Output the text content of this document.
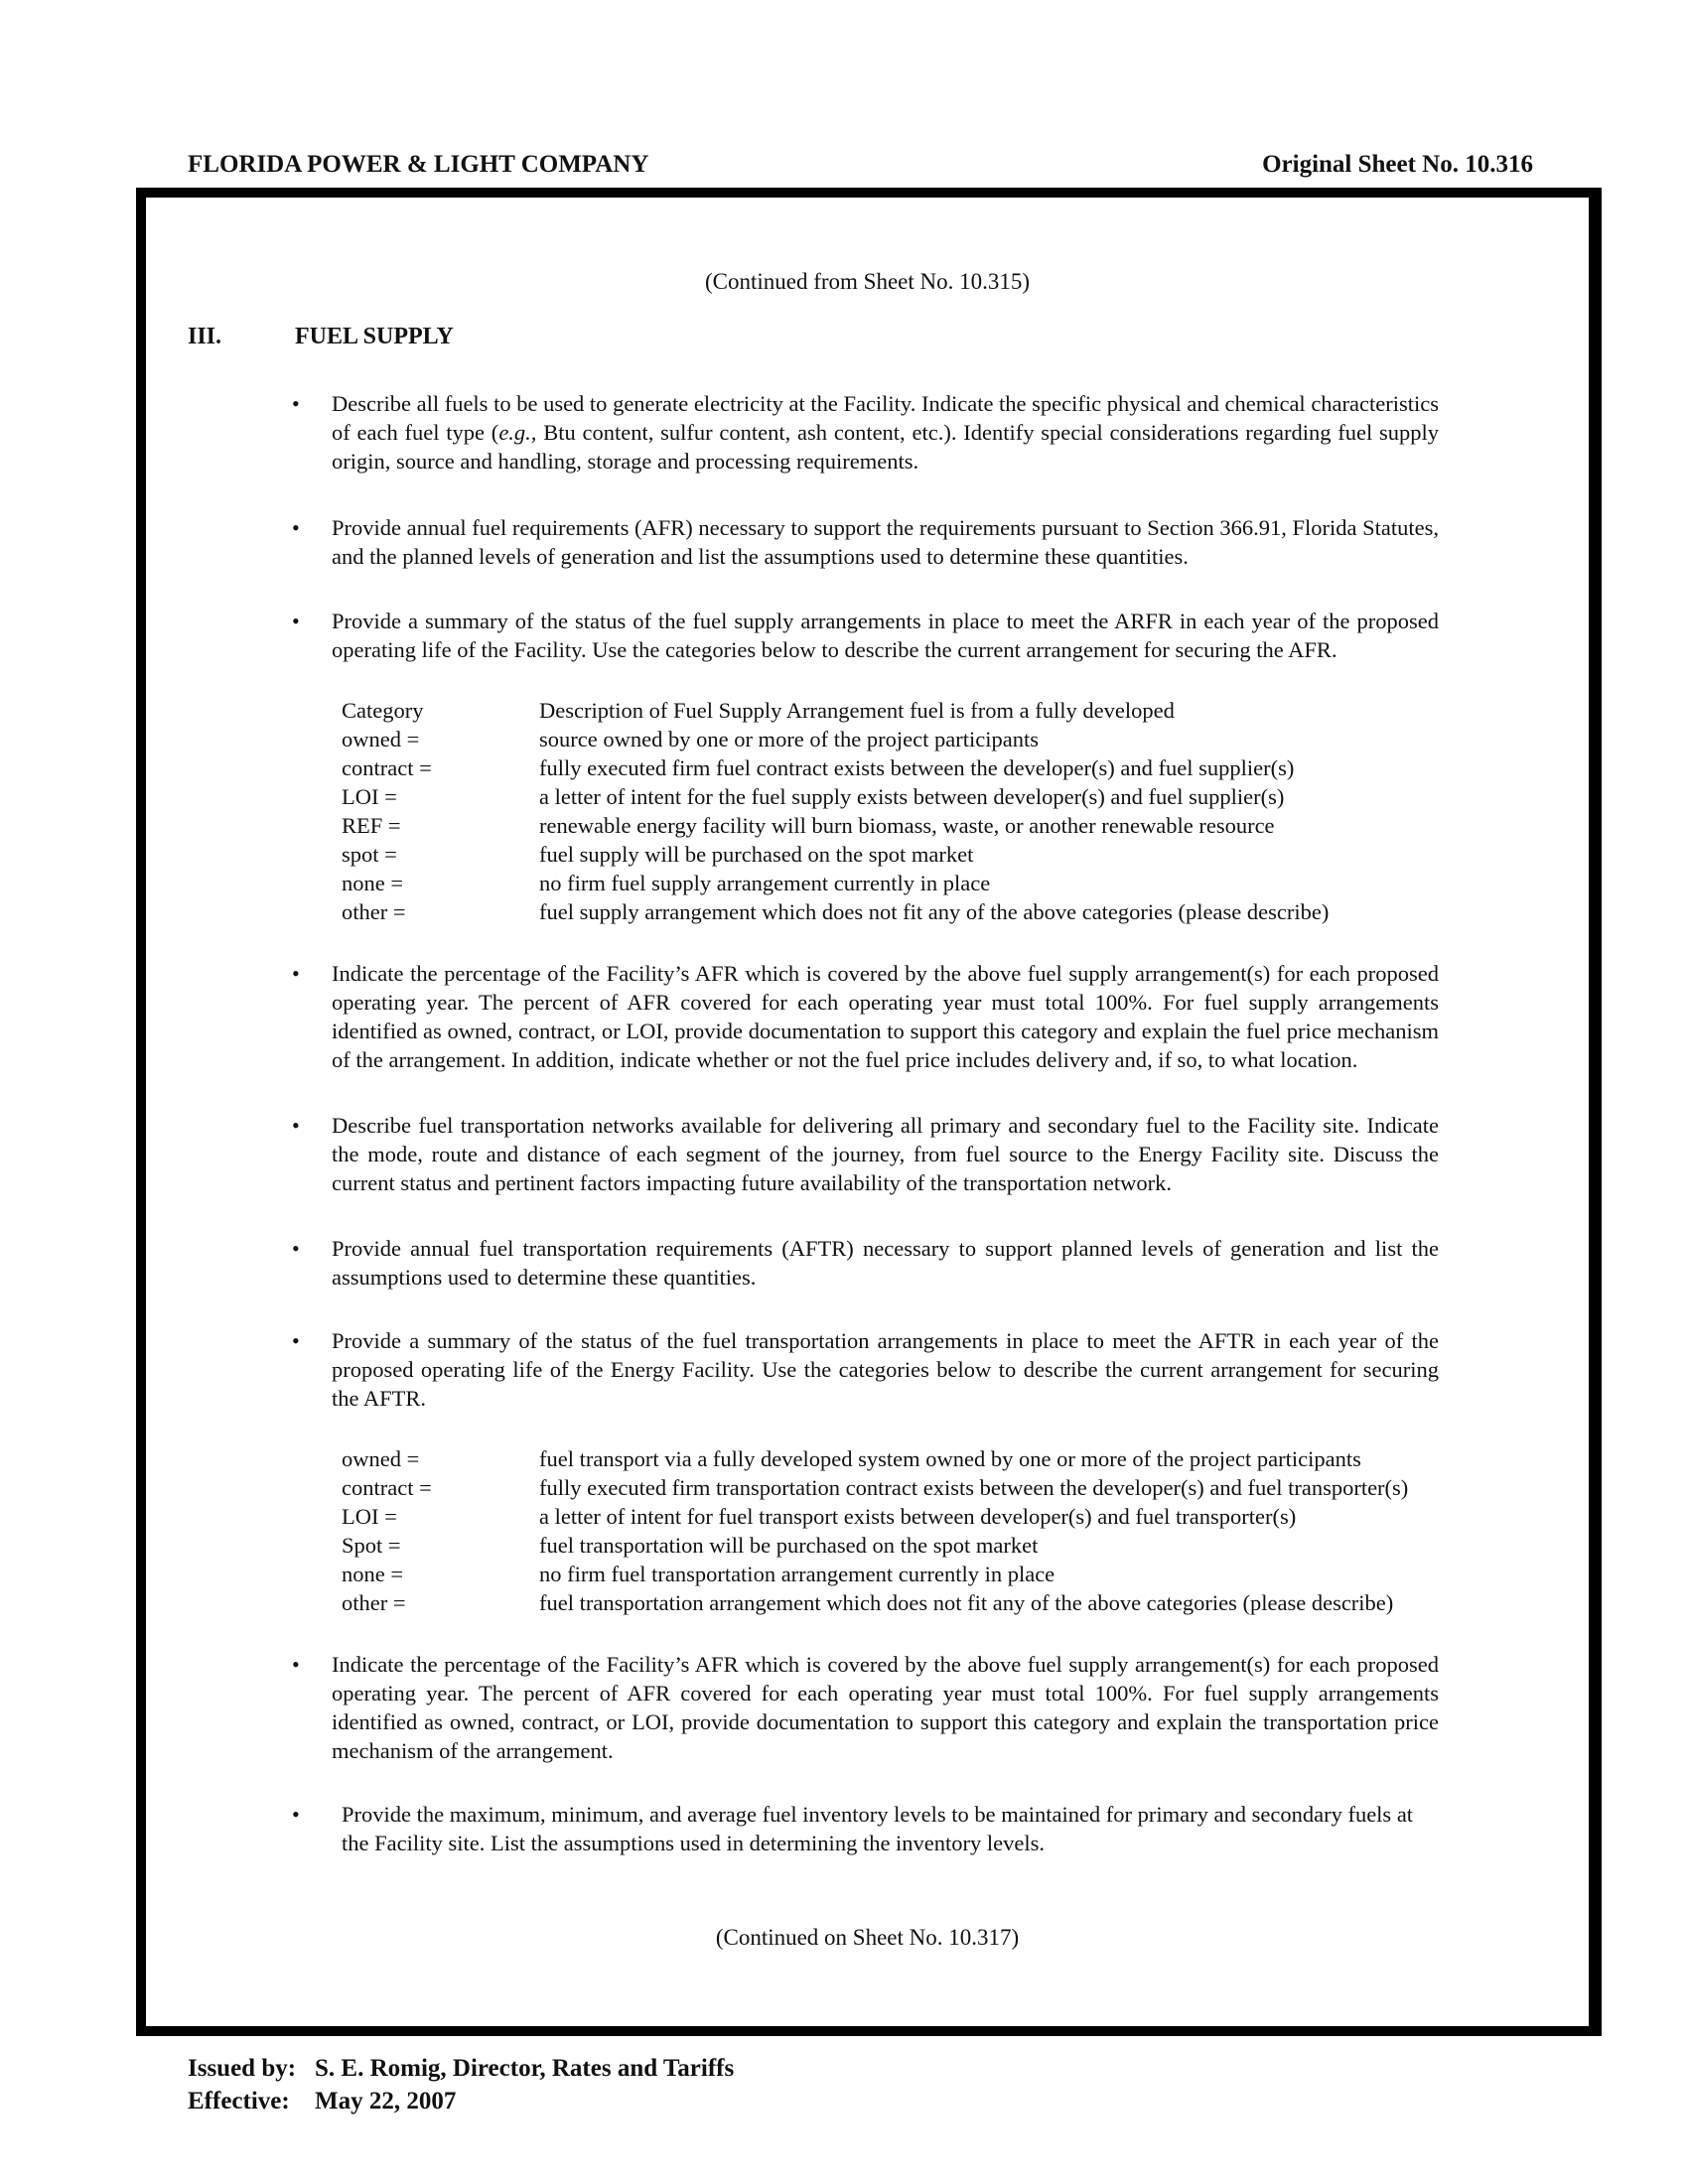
FLORIDA POWER & LIGHT COMPANY	Original Sheet No. 10.316
(Continued from Sheet No. 10.315)
III.	FUEL SUPPLY
• Describe all fuels to be used to generate electricity at the Facility. Indicate the specific physical and chemical characteristics of each fuel type (e.g., Btu content, sulfur content, ash content, etc.). Identify special considerations regarding fuel supply origin, source and handling, storage and processing requirements.
• Provide annual fuel requirements (AFR) necessary to support the requirements pursuant to Section 366.91, Florida Statutes, and the planned levels of generation and list the assumptions used to determine these quantities.
• Provide a summary of the status of the fuel supply arrangements in place to meet the ARFR in each year of the proposed operating life of the Facility. Use the categories below to describe the current arrangement for securing the AFR.
Category	Description of Fuel Supply Arrangement fuel is from a fully developed
owned =	source owned by one or more of the project participants
contract =	fully executed firm fuel contract exists between the developer(s) and fuel supplier(s)
LOI =	a letter of intent for the fuel supply exists between developer(s) and fuel supplier(s)
REF =	renewable energy facility will burn biomass, waste, or another renewable resource
spot =	fuel supply will be purchased on the spot market
none =	no firm fuel supply arrangement currently in place
other =	fuel supply arrangement which does not fit any of the above categories (please describe)
• Indicate the percentage of the Facility’s AFR which is covered by the above fuel supply arrangement(s) for each proposed operating year. The percent of AFR covered for each operating year must total 100%. For fuel supply arrangements identified as owned, contract, or LOI, provide documentation to support this category and explain the fuel price mechanism of the arrangement. In addition, indicate whether or not the fuel price includes delivery and, if so, to what location.
• Describe fuel transportation networks available for delivering all primary and secondary fuel to the Facility site. Indicate the mode, route and distance of each segment of the journey, from fuel source to the Energy Facility site. Discuss the current status and pertinent factors impacting future availability of the transportation network.
• Provide annual fuel transportation requirements (AFTR) necessary to support planned levels of generation and list the assumptions used to determine these quantities.
• Provide a summary of the status of the fuel transportation arrangements in place to meet the AFTR in each year of the proposed operating life of the Energy Facility. Use the categories below to describe the current arrangement for securing the AFTR.
owned =	fuel transport via a fully developed system owned by one or more of the project participants
contract =	fully executed firm transportation contract exists between the developer(s) and fuel transporter(s)
LOI =	a letter of intent for fuel transport exists between developer(s) and fuel transporter(s)
Spot =	fuel transportation will be purchased on the spot market
none =	no firm fuel transportation arrangement currently in place
other =	fuel transportation arrangement which does not fit any of the above categories (please describe)
• Indicate the percentage of the Facility’s AFR which is covered by the above fuel supply arrangement(s) for each proposed operating year. The percent of AFR covered for each operating year must total 100%. For fuel supply arrangements identified as owned, contract, or LOI, provide documentation to support this category and explain the transportation price mechanism of the arrangement.
• Provide the maximum, minimum, and average fuel inventory levels to be maintained for primary and secondary fuels at the Facility site. List the assumptions used in determining the inventory levels.
(Continued on Sheet No. 10.317)
Issued by: S. E. Romig, Director, Rates and Tariffs
Effective: May 22, 2007
